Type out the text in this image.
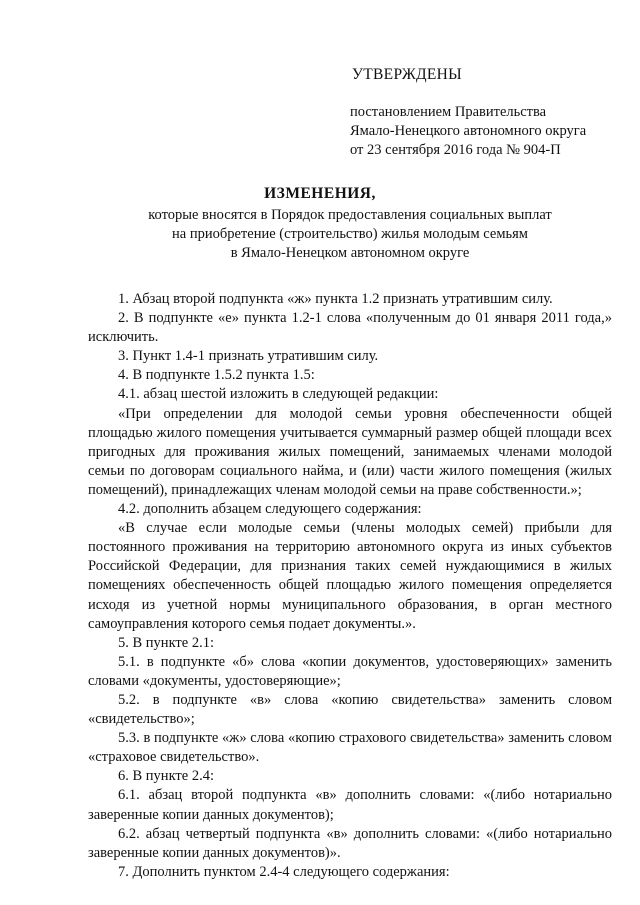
УТВЕРЖДЕНЫ
постановлением Правительства
Ямало-Ненецкого автономного округа
от 23 сентября 2016 года № 904-П
ИЗМЕНЕНИЯ,
которые вносятся в Порядок предоставления социальных выплат
на приобретение (строительство) жилья молодым семьям
в Ямало-Ненецком автономном округе

1. Абзац второй подпункта «ж» пункта 1.2 признать утратившим силу.

2. В подпункте «е» пункта 1.2-1 слова «полученным до 01 января 2011 года,» исключить.

3. Пункт 1.4-1 признать утратившим силу.

4. В подпункте 1.5.2 пункта 1.5:

4.1. абзац шестой изложить в следующей редакции:

«При определении для молодой семьи уровня обеспеченности общей площадью жилого помещения учитывается суммарный размер общей площади всех пригодных для проживания жилых помещений, занимаемых членами молодой семьи по договорам социального найма, и (или) части жилого помещения (жилых помещений), принадлежащих членам молодой семьи на праве собственности.»;

4.2. дополнить абзацем следующего содержания:

«В случае если молодые семьи (члены молодых семей) прибыли для постоянного проживания на территорию автономного округа из иных субъектов Российской Федерации, для признания таких семей нуждающимися в жилых помещениях обеспеченность общей площадью жилого помещения определяется исходя из учетной нормы муниципального образования, в орган местного самоуправления которого семья подает документы.».

5. В пункте 2.1:

5.1. в подпункте «б» слова «копии документов, удостоверяющих» заменить словами «документы, удостоверяющие»;

5.2. в подпункте «в» слова «копию свидетельства» заменить словом «свидетельство»;

5.3. в подпункте «ж» слова «копию страхового свидетельства» заменить словом «страховое свидетельство».

6. В пункте 2.4:

6.1. абзац второй подпункта «в» дополнить словами: «(либо нотариально заверенные копии данных документов);

6.2. абзац четвертый подпункта «в» дополнить словами: «(либо нотариально заверенные копии данных документов)».

7. Дополнить пунктом 2.4-4 следующего содержания:
